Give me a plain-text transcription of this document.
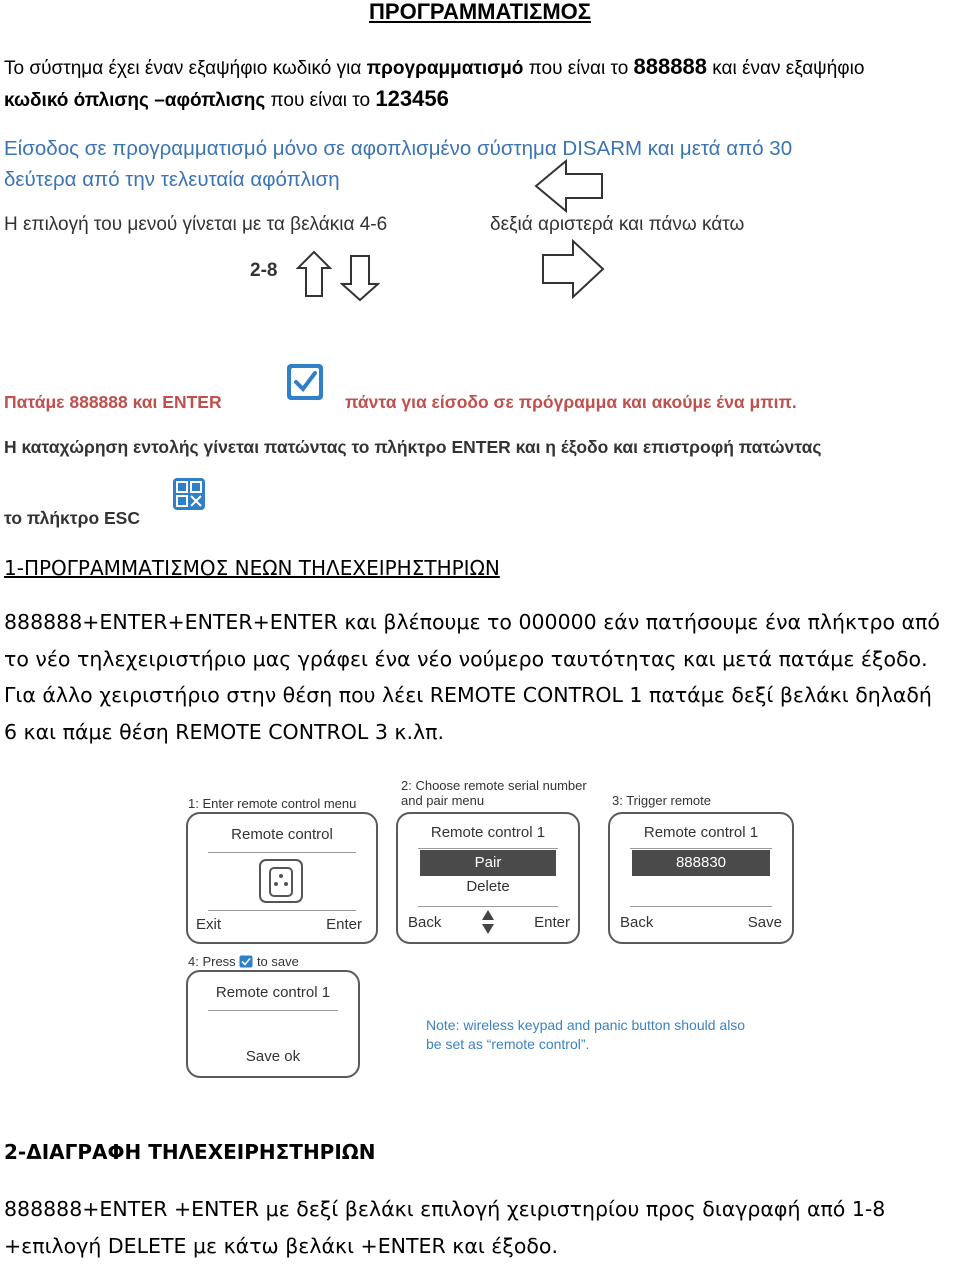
ΠΡΟΓΡΑΜΜΑΤΙΣΜΟΣ
Το σύστημα έχει έναν εξαψήφιο κωδικό για προγραμματισμό που είναι το 888888 και έναν εξαψήφιο
κωδικό όπλισης –αφόπλισης που είναι το 123456
Είσοδος σε προγραμματισμό μόνο σε αφοπλισμένο σύστημα DISARM και μετά από 30
δεύτερα από την τελευταία αφόπλιση
Η επιλογή του μενού γίνεται με τα βελάκια 4-6	δεξιά αριστερά και πάνω κάτω
2-8
Πατάμε 888888 και ENTER	πάντα για είσοδο σε πρόγραμμα και ακούμε ένα μπιπ.
Η καταχώρηση εντολής γίνεται πατώντας το πλήκτρο ENTER και η έξοδο και επιστροφή πατώντας
το πλήκτρο ESC
1-ΠΡΟΓΡΑΜΜΑΤΙΣΜΟΣ ΝΕΩΝ ΤΗΛΕΧΕΙΡΗΣΤΗΡΙΩΝ
888888+ENTER+ENTER+ENTER και βλέπουμε το 000000 εάν πατήσουμε ένα πλήκτρο από
το νέο τηλεχειριστήριο μας γράφει ένα νέο νούμερο ταυτότητας και μετά πατάμε έξοδο.
Για άλλο χειριστήριο στην θέση που λέει REMOTE CONTROL 1 πατάμε δεξί βελάκι δηλαδή
6 και πάμε θέση REMOTE CONTROL 3 κ.λπ.
1: Enter remote control menu
Remote control
Exit	Enter
2: Choose remote serial number
and pair menu
Remote control 1
Pair
Delete
Back	Enter
3: Trigger remote
Remote control 1
888830
Back	Save
4: Press to save
Remote control 1
Save ok
Note: wireless keypad and panic button should also
be set as “remote control”.
2-ΔΙΑΓΡΑΦΗ ΤΗΛΕΧΕΙΡΗΣΤΗΡΙΩΝ
888888+ENTER +ENTER με δεξί βελάκι επιλογή χειριστηρίου προς διαγραφή από 1-8
+επιλογή DELETE με κάτω βελάκι +ENTER και έξοδο.
